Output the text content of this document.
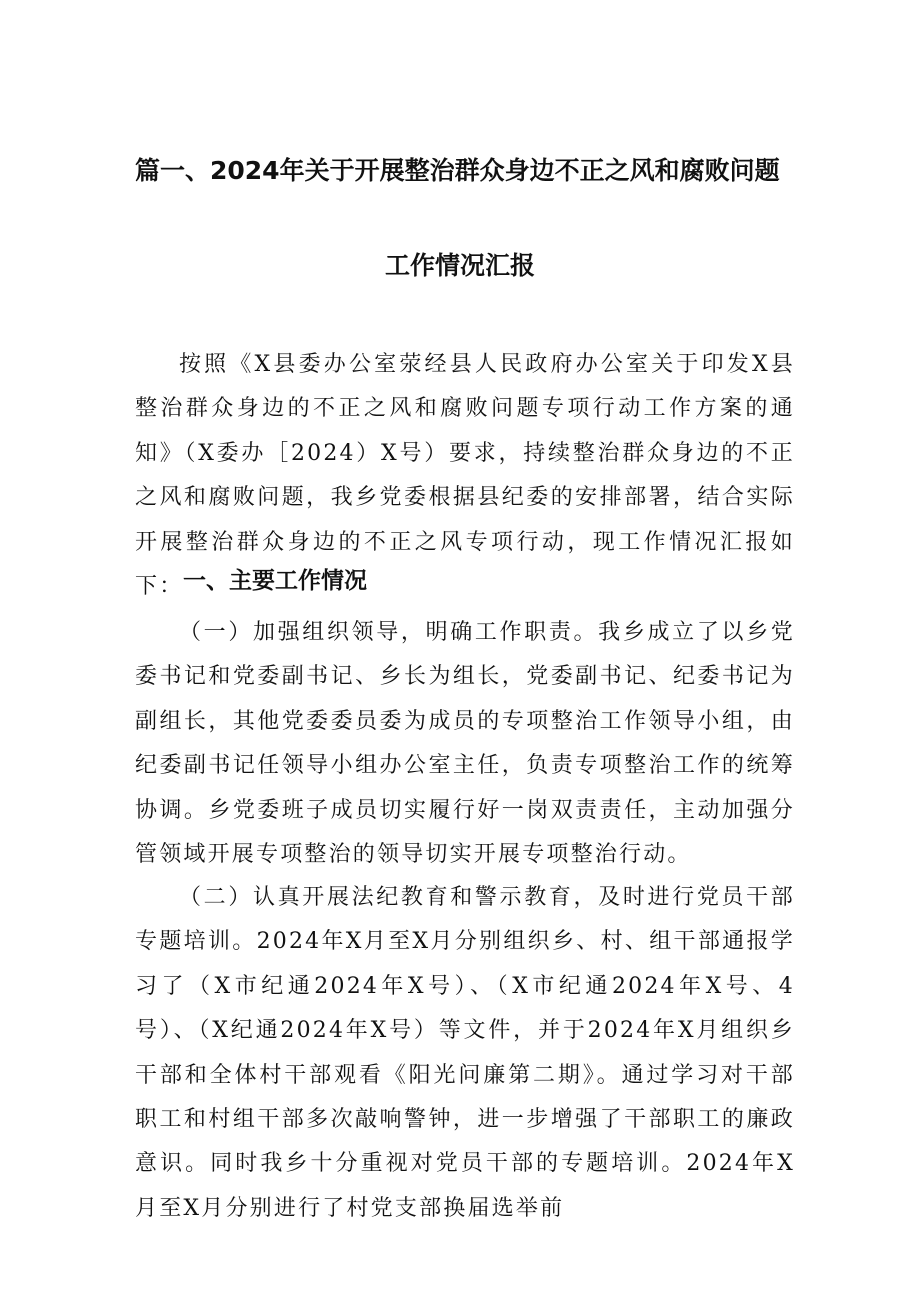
篇一、2024年关于开展整治群众身边不正之风和腐败问题
工作情况汇报

按照《X县委办公室荥经县人民政府办公室关于印发X县整治群众身边的不正之风和腐败问题专项行动工作方案的通知》（X委办［2024）X号）要求，持续整治群众身边的不正之风和腐败问题，我乡党委根据县纪委的安排部署，结合实际开展整治群众身边的不正之风专项行动，现工作情况汇报如下： 一、主要工作情况

（一）加强组织领导，明确工作职责。我乡成立了以乡党委书记和党委副书记、乡长为组长，党委副书记、纪委书记为副组长，其他党委委员委为成员的专项整治工作领导小组，由纪委副书记任领导小组办公室主任，负责专项整治工作的统筹协调。乡党委班子成员切实履行好一岗双责责任，主动加强分管领域开展专项整治的领导切实开展专项整治行动。

（二）认真开展法纪教育和警示教育，及时进行党员干部专题培训。2024年X月至X月分别组织乡、村、组干部通报学习了（X市纪通2024年X号）、（X市纪通2024年X号、4号）、（X纪通2024年X号）等文件，并于2024年X月组织乡干部和全体村干部观看《阳光问廉第二期》。通过学习对干部职工和村组干部多次敲响警钟，进一步增强了干部职工的廉政意识。同时我乡十分重视对党员干部的专题培训。2024年X月至X月分别进行了村党支部换届选举前
